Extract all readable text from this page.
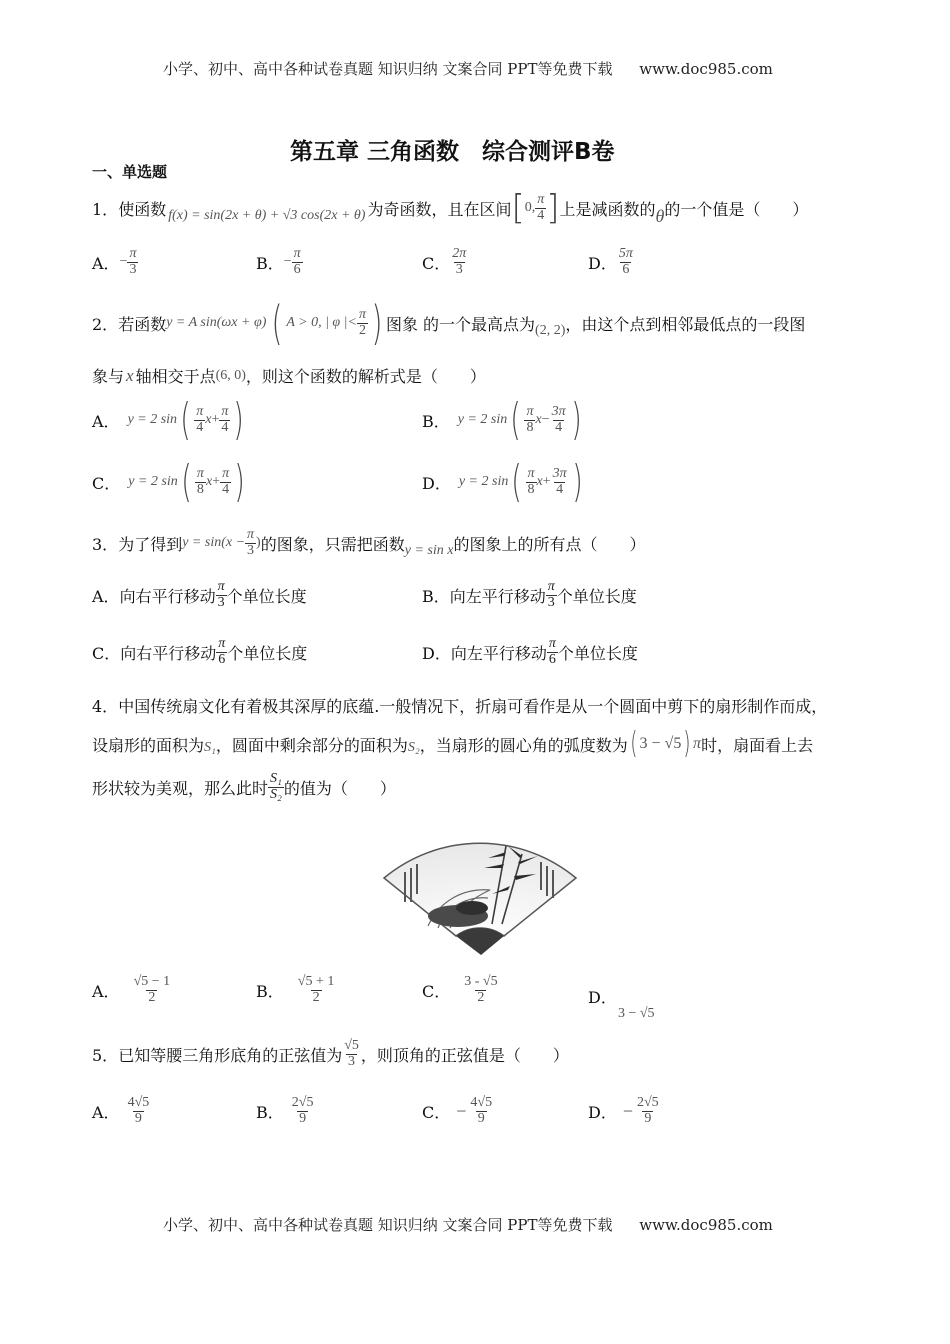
小学、初中、高中各种试卷真题 知识归纳 文案合同 PPT等免费下载 www.doc985.com
第五章 三角函数　综合测评B卷
一、单选题
1． 使函数 f(x) = sin(2x + θ) + √3 cos(2x + θ) 为奇函数，且在区间 [ 0, $\frac{\pi}{4}$ ] 上是减函数的 θ 的一个值是（　　）
A． − $\frac{\pi}{3}$	B． − $\frac{\pi}{6}$	C． $\frac{2\pi}{3}$	D． $\frac{5\pi}{6}$
2． 若函数 y = A sin(ωx + φ) ( A > 0, | φ |< $\frac{\pi}{2}$ ) 图象 的一个最高点为 (2, 2) ，由这个点到相邻最低点的一段图
象与 x 轴相交于点 (6, 0) ，则这个函数的解析式是（　　）
A． y = 2 sin ( $\frac{\pi}{4}$ $x + \frac{\pi}{4}$ )	B． y = 2 sin ( $\frac{\pi}{8}$ $x - \frac{3\pi}{4}$ )
C． y = 2 sin ( $\frac{\pi}{8}$ $x + \frac{\pi}{4}$ )	D． y = 2 sin ( $\frac{\pi}{8}$ $x + \frac{3\pi}{4}$ )
3． 为了得到 $y = \sin(x - \frac{\pi}{3}$ ) 的图象，只需把函数 y = sin x 的图象上的所有点（　　）
A． 向右平行移动 $\frac{\pi}{3}$ 个单位长度	B． 向左平行移动 $\frac{\pi}{3}$ 个单位长度
C． 向右平行移动 $\frac{\pi}{6}$ 个单位长度	D． 向左平行移动 $\frac{\pi}{6}$ 个单位长度
4．中国传统扇文化有着极其深厚的底蕴.一般情况下，折扇可看作是从一个圆面中剪下的扇形制作而成，
设扇形的面积为 S₁ ，圆面中剩余部分的面积为 S₂ ，当扇形的圆心角的弧度数为 ( 3 − √5 ) π 时，扇面看上去
形状较为美观，那么此时 $\frac{\text{S₁}}{\text{S₂}}$ 的值为（　　）
A． $\frac{√5 - 1}{2}$	B． $\frac{√5 + 1}{2}$	C． $\frac{3 - √5}{2}$	D． 3 − √5
5． 已知等腰三角形底角的正弦值为 $\frac{√5}{3}$ ，则顶角的正弦值是（　　）
A． $\frac{4√5}{9}$	B． $\frac{2√5}{9}$	C． − $\frac{4√5}{9}$	D． − $\frac{2√5}{9}$
小学、初中、高中各种试卷真题 知识归纳 文案合同 PPT等免费下载 www.doc985.com
